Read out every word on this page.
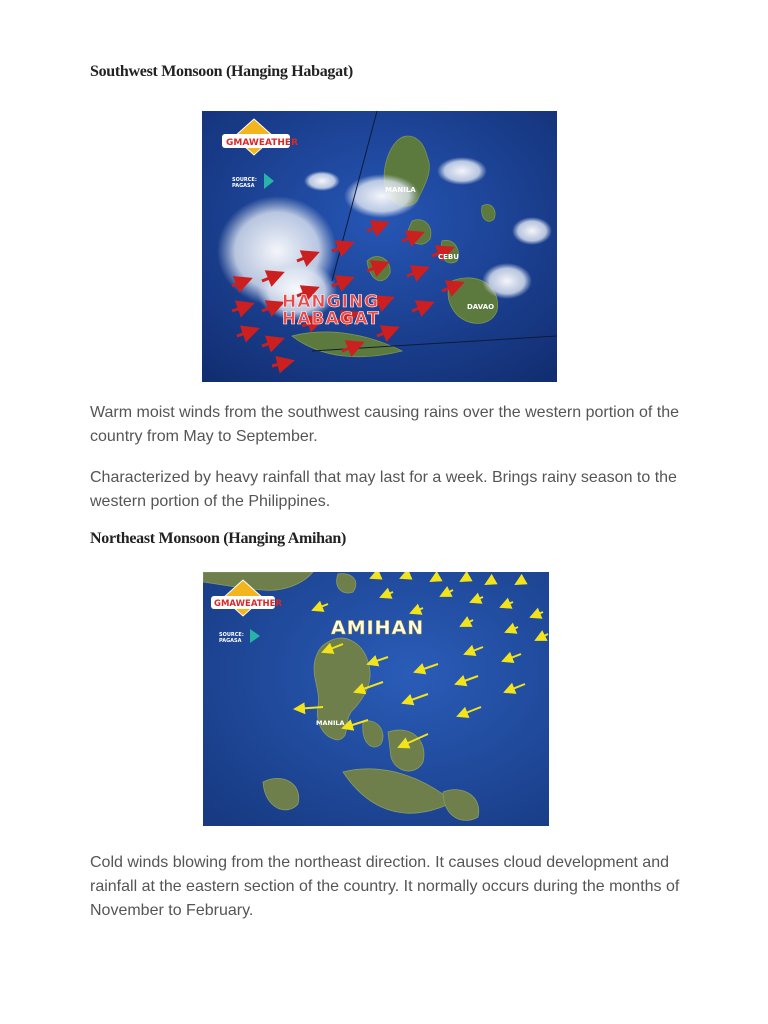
Southwest Monsoon (Hanging Habagat)
GMAWEATHER
SOURCE:
PAGASA	MANILA
CEBU
DAVAO
HANGING
HABAGAT
Warm moist winds from the southwest causing rains over the western portion of the country from May to September.
Characterized by heavy rainfall that may last for a week. Brings rainy season to the western portion of the Philippines.
Northeast Monsoon (Hanging Amihan)
GMAWEATHER
SOURCE:
PAGASA
AMIHAN
MANILA
Cold winds blowing from the northeast direction. It causes cloud development and rainfall at the eastern section of the country. It normally occurs during the months of November to February.
